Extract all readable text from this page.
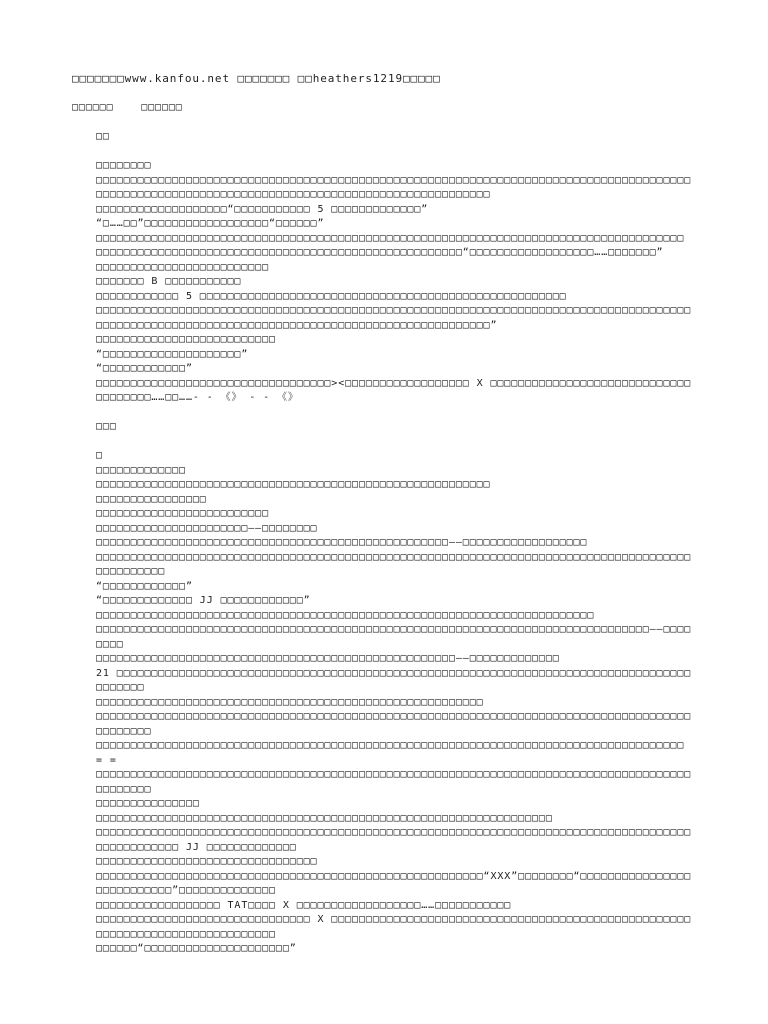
□□□□□□□www.kanfou.net □□□□□□□ □□heathers1219□□□□□

□□□□□□    □□□□□□

□□

□□□□□□□□

□□□□□□□□□□□□□□□□□□□□□□□□□□□□□□□□□□□□□□□□□□□□□□□□□□□□□□□□□□□□□□□□□□□□□□□□□□□□□□□□□□□□□□□□□□□□□□□□□□□□□□□□□□□□□□□□□□□□□□□□□□□□□□□□□□□□□□□□□□□□□□□

□□□□□□□□□□□□□□□□□□□“□□□□□□□□□□□ 5 □□□□□□□□□□□□□”

“□……□□”□□□□□□□□□□□□□□□□□□“□□□□□□”

□□□□□□□□□□□□□□□□□□□□□□□□□□□□□□□□□□□□□□□□□□□□□□□□□□□□□□□□□□□□□□□□□□□□□□□□□□□□□□□□□□□□□

□□□□□□□□□□□□□□□□□□□□□□□□□□□□□□□□□□□□□□□□□□□□□□□□□□□□□“□□□□□□□□□□□□□□□□□□……□□□□□□□”

□□□□□□□□□□□□□□□□□□□□□□□□□

□□□□□□□ B □□□□□□□□□□□

□□□□□□□□□□□□ 5 □□□□□□□□□□□□□□□□□□□□□□□□□□□□□□□□□□□□□□□□□□□□□□□□□□□□□

□□□□□□□□□□□□□□□□□□□□□□□□□□□□□□□□□□□□□□□□□□□□□□□□□□□□□□□□□□□□□□□□□□□□□□□□□□□□□□□□□□□□□□□□□□□□□□□□□□□□□□□□□□□□□□□□□□□□□□□□□□□□□□□□□□□□□□□□□□□□□□□”

□□□□□□□□□□□□□□□□□□□□□□□□□□

“□□□□□□□□□□□□□□□□□□□□”

“□□□□□□□□□□□□”

□□□□□□□□□□□□□□□□□□□□□□□□□□□□□□□□□□><□□□□□□□□□□□□□□□□□□ X □□□□□□□□□□□□□□□□□□□□□□□□□□□□□□□□□□□□□……□□……- - 《》 - - 《》

□□□

□

□□□□□□□□□□□□□

□□□□□□□□□□□□□□□□□□□□□□□□□□□□□□□□□□□□□□□□□□□□□□□□□□□□□□□□□

□□□□□□□□□□□□□□□□

□□□□□□□□□□□□□□□□□□□□□□□□□

□□□□□□□□□□□□□□□□□□□□□□——□□□□□□□□

□□□□□□□□□□□□□□□□□□□□□□□□□□□□□□□□□□□□□□□□□□□□□□□□□□□——□□□□□□□□□□□□□□□□□□

□□□□□□□□□□□□□□□□□□□□□□□□□□□□□□□□□□□□□□□□□□□□□□□□□□□□□□□□□□□□□□□□□□□□□□□□□□□□□□□□□□□□□□□□□□□□□□□□

“□□□□□□□□□□□□”

“□□□□□□□□□□□□□ JJ □□□□□□□□□□□□”

□□□□□□□□□□□□□□□□□□□□□□□□□□□□□□□□□□□□□□□□□□□□□□□□□□□□□□□□□□□□□□□□□□□□□□□□

□□□□□□□□□□□□□□□□□□□□□□□□□□□□□□□□□□□□□□□□□□□□□□□□□□□□□□□□□□□□□□□□□□□□□□□□□□□□□□□□——□□□□□□□□

□□□□□□□□□□□□□□□□□□□□□□□□□□□□□□□□□□□□□□□□□□□□□□□□□□□□——□□□□□□□□□□□□□

21 □□□□□□□□□□□□□□□□□□□□□□□□□□□□□□□□□□□□□□□□□□□□□□□□□□□□□□□□□□□□□□□□□□□□□□□□□□□□□□□□□□□□□□□□□□

□□□□□□□□□□□□□□□□□□□□□□□□□□□□□□□□□□□□□□□□□□□□□□□□□□□□□□□□

□□□□□□□□□□□□□□□□□□□□□□□□□□□□□□□□□□□□□□□□□□□□□□□□□□□□□□□□□□□□□□□□□□□□□□□□□□□□□□□□□□□□□□□□□□□□□□

□□□□□□□□□□□□□□□□□□□□□□□□□□□□□□□□□□□□□□□□□□□□□□□□□□□□□□□□□□□□□□□□□□□□□□□□□□□□□□□□□□□□□ = =

□□□□□□□□□□□□□□□□□□□□□□□□□□□□□□□□□□□□□□□□□□□□□□□□□□□□□□□□□□□□□□□□□□□□□□□□□□□□□□□□□□□□□□□□□□□□□□

□□□□□□□□□□□□□□□

□□□□□□□□□□□□□□□□□□□□□□□□□□□□□□□□□□□□□□□□□□□□□□□□□□□□□□□□□□□□□□□□□□

□□□□□□□□□□□□□□□□□□□□□□□□□□□□□□□□□□□□□□□□□□□□□□□□□□□□□□□□□□□□□□□□□□□□□□□□□□□□□□□□□□□□□□□□□□□□□□□□□□ JJ □□□□□□□□□□□□□

□□□□□□□□□□□□□□□□□□□□□□□□□□□□□□□□

□□□□□□□□□□□□□□□□□□□□□□□□□□□□□□□□□□□□□□□□□□□□□□□□□□□□□□□□“XXX”□□□□□□□□“□□□□□□□□□□□□□□□□□□□□□□□□□□□”□□□□□□□□□□□□□□

□□□□□□□□□□□□□□□□□□ TAT□□□□ X □□□□□□□□□□□□□□□□□□……□□□□□□□□□□□

□□□□□□□□□□□□□□□□□□□□□□□□□□□□□□□ X □□□□□□□□□□□□□□□□□□□□□□□□□□□□□□□□□□□□□□□□□□□□□□□□□□□□□□□□□□□□□□□□□□□□□□□□□□□□□□

□□□□□□“□□□□□□□□□□□□□□□□□□□□□”
